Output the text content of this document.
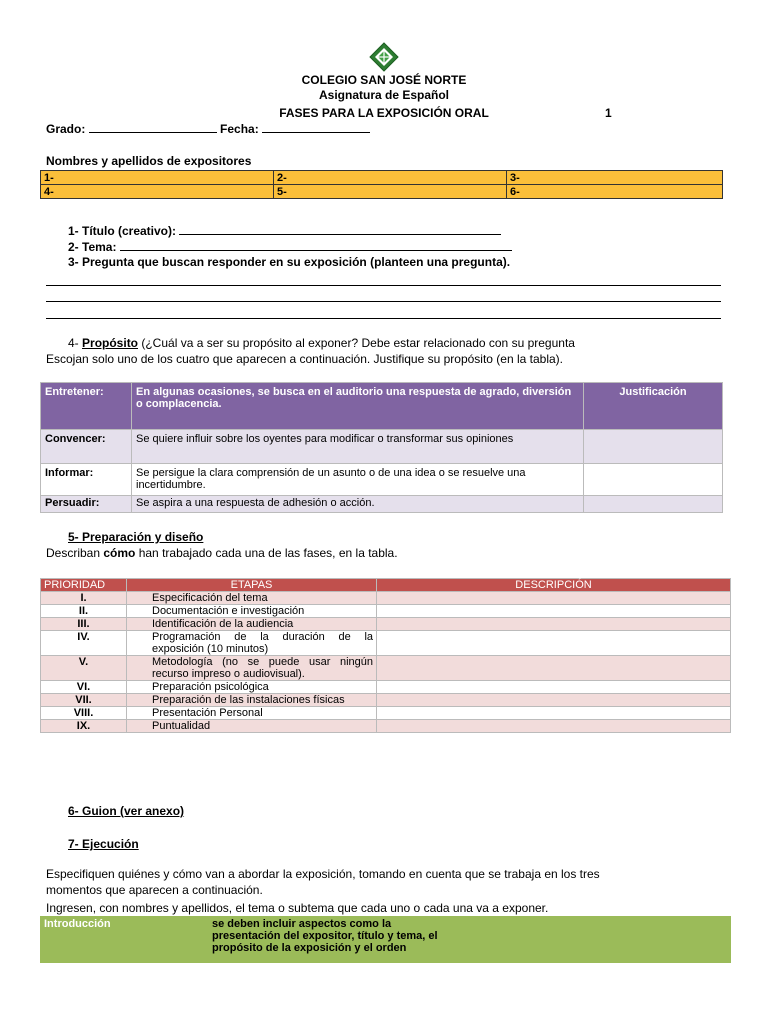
COLEGIO SAN JOSÉ NORTE
Asignatura de Español
FASES PARA LA EXPOSICIÓN ORAL	1
Grado:	Fecha:
Nombres y apellidos de expositores
1-	2-	3-
4-	5-	6-
1- Título (creativo):
2- Tema:
3- Pregunta que buscan responder en su exposición (planteen una pregunta).
4- Propósito (¿Cuál va a ser su propósito al exponer? Debe estar relacionado con su pregunta
Escojan solo uno de los cuatro que aparecen a continuación. Justifique su propósito (en la tabla).
Entretener:	En algunas ocasiones, se busca en el auditorio una respuesta de agrado, diversión o complacencia.	Justificación
Convencer:	Se quiere influir sobre los oyentes para modificar o transformar sus opiniones	
Informar:	Se persigue la clara comprensión de un asunto o de una idea o se resuelve una incertidumbre.	
Persuadir:	Se aspira a una respuesta de adhesión o acción.	
5- Preparación y diseño
Describan cómo han trabajado cada una de las fases, en la tabla.
PRIORIDAD	ETAPAS	DESCRIPCIÓN
I.	Especificación del tema	
II.	Documentación e investigación	
III.	Identificación de la audiencia	
IV.	Programación de la duración de la exposición (10 minutos)	
V.	Metodología (no se puede usar ningún recurso impreso o audiovisual).	
VI.	Preparación psicológica	
VII.	Preparación de las instalaciones físicas	
VIII.	Presentación Personal	
IX.	Puntualidad	
6- Guion (ver anexo)
7- Ejecución
Especifiquen quiénes y cómo van a abordar la exposición, tomando en cuenta que se trabaja en los tres
momentos que aparecen a continuación.
Ingresen, con nombres y apellidos, el tema o subtema que cada uno o cada una va a exponer.
Introducción	se deben incluir aspectos como la presentación del expositor, título y tema, el propósito de la exposición y el orden	
